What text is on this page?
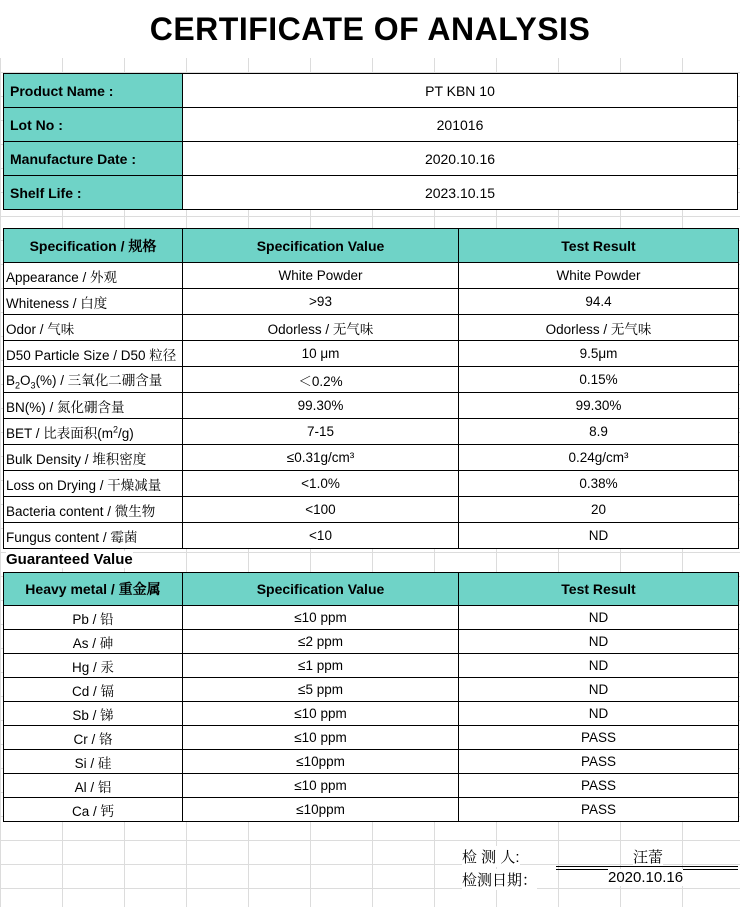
CERTIFICATE OF ANALYSIS
Product Name :	PT KBN 10
Lot No :	201016
Manufacture Date :	2020.10.16
Shelf Life :	2023.10.15
Specification / 规格	Specification Value	Test Result
Appearance / 外观	White Powder	White Powder
Whiteness / 白度	>93	94.4
Odor / 气味	Odorless / 无气味	Odorless / 无气味
D50 Particle Size / D50 粒径	10 μm	9.5μm
$B_2O_3(\%)$ / 三氧化二硼含量	＜0.2%	0.15%
BN(%) / 氮化硼含量	99.30%	99.30%
BET / 比表面积$(m^2/g)$	7-15	8.9
Bulk Density / 堆积密度	≤0.31g/cm³	0.24g/cm³
Loss on Drying / 干燥减量	<1.0%	0.38%
Bacteria content / 微生物	<100	20
Fungus content / 霉菌	<10	ND
Guaranteed Value
Heavy metal / 重金属	Specification Value	Test Result
Pb / 铅	≤10 ppm	ND
As / 砷	≤2 ppm	ND
Hg / 汞	≤1 ppm	ND
Cd / 镉	≤5 ppm	ND
Sb / 锑	≤10 ppm	ND
Cr / 铬	≤10 ppm	PASS
Si / 硅	≤10ppm	PASS
Al / 铝	≤10 ppm	PASS
Ca / 钙	≤10ppm	PASS
检 测 人:	汪蕾
检测日期：	2020.10.16
